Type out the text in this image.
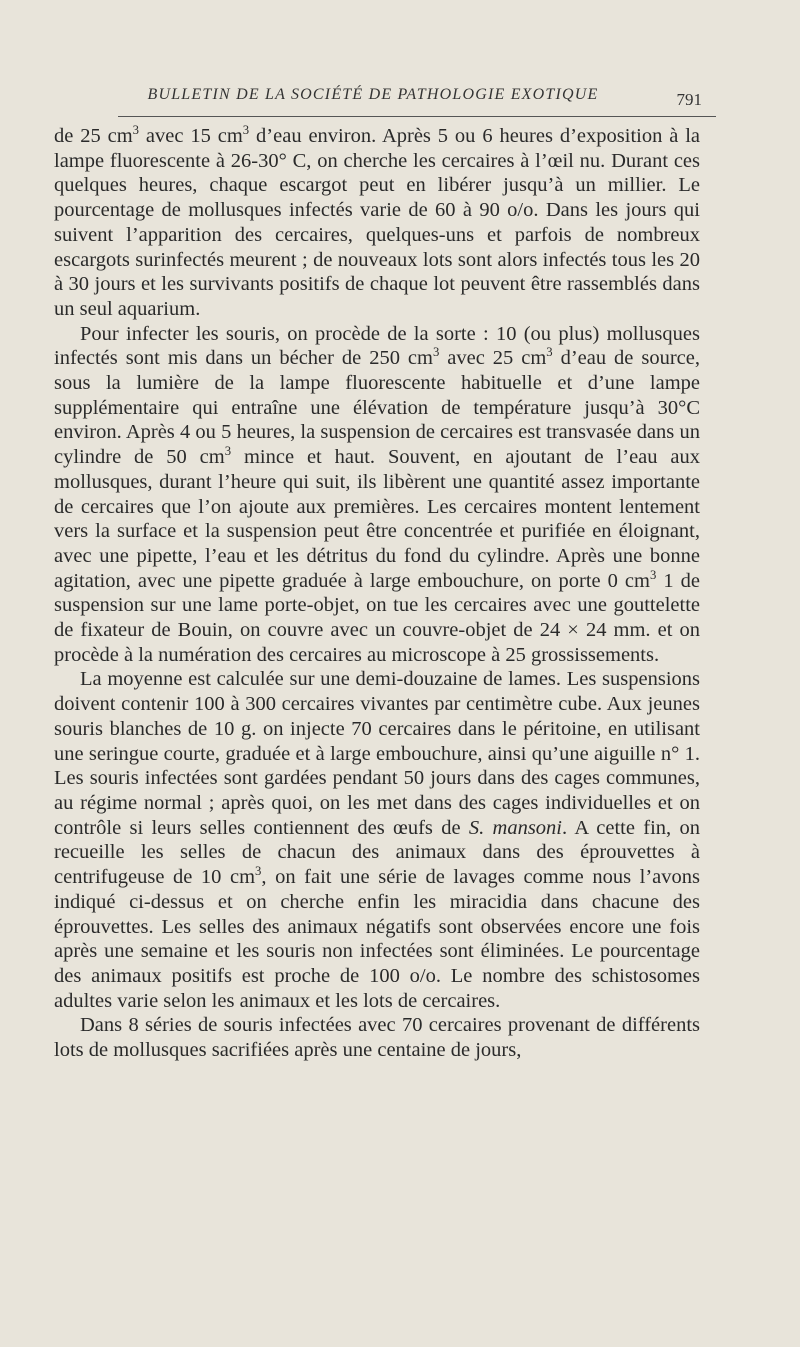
BULLETIN DE LA SOCIÉTÉ DE PATHOLOGIE EXOTIQUE	791

de 25 $cm^3$ avec 15 $cm^3$ d’eau environ. Après 5 ou 6 heures d’exposition à la lampe fluorescente à 26-30° C, on cherche les cercaires à l’œil nu. Durant ces quelques heures, chaque escargot peut en libérer jusqu’à un millier. Le pourcentage de mollusques infectés varie de 60 à 90 o/o. Dans les jours qui suivent l’apparition des cercaires, quelques-uns et parfois de nombreux escargots surinfectés meurent ; de nouveaux lots sont alors infectés tous les 20 à 30 jours et les survivants positifs de chaque lot peuvent être rassemblés dans un seul aquarium.

Pour infecter les souris, on procède de la sorte : 10 (ou plus) mollusques infectés sont mis dans un bécher de 250 $cm^3$ avec 25 $cm^3$ d’eau de source, sous la lumière de la lampe fluorescente habituelle et d’une lampe supplémentaire qui entraîne une élévation de température jusqu’à 30°C environ. Après 4 ou 5 heures, la suspension de cercaires est transvasée dans un cylindre de 50 $cm^3$ mince et haut. Souvent, en ajoutant de l’eau aux mollusques, durant l’heure qui suit, ils libèrent une quantité assez importante de cercaires que l’on ajoute aux premières. Les cercaires montent lentement vers la surface et la suspension peut être concentrée et purifiée en éloignant, avec une pipette, l’eau et les détritus du fond du cylindre. Après une bonne agitation, avec une pipette graduée à large embouchure, on porte 0 $cm^3$ 1 de suspension sur une lame porte-objet, on tue les cercaires avec une gouttelette de fixateur de Bouin, on couvre avec un couvre-objet de 24 × 24 mm. et on procède à la numération des cercaires au microscope à 25 grossissements.

La moyenne est calculée sur une demi-douzaine de lames. Les suspensions doivent contenir 100 à 300 cercaires vivantes par centimètre cube. Aux jeunes souris blanches de 10 g. on injecte 70 cercaires dans le péritoine, en utilisant une seringue courte, graduée et à large embouchure, ainsi qu’une aiguille n° 1. Les souris infectées sont gardées pendant 50 jours dans des cages communes, au régime normal ; après quoi, on les met dans des cages individuelles et on contrôle si leurs selles contiennent des œufs de S. mansoni. A cette fin, on recueille les selles de chacun des animaux dans des éprouvettes à centrifugeuse de 10 $cm^3$, on fait une série de lavages comme nous l’avons indiqué ci-dessus et on cherche enfin les miracidia dans chacune des éprouvettes. Les selles des animaux négatifs sont observées encore une fois après une semaine et les souris non infectées sont éliminées. Le pourcentage des animaux positifs est proche de 100 o/o. Le nombre des schistosomes adultes varie selon les animaux et les lots de cercaires.

Dans 8 séries de souris infectées avec 70 cercaires provenant de différents lots de mollusques sacrifiées après une centaine de jours,
